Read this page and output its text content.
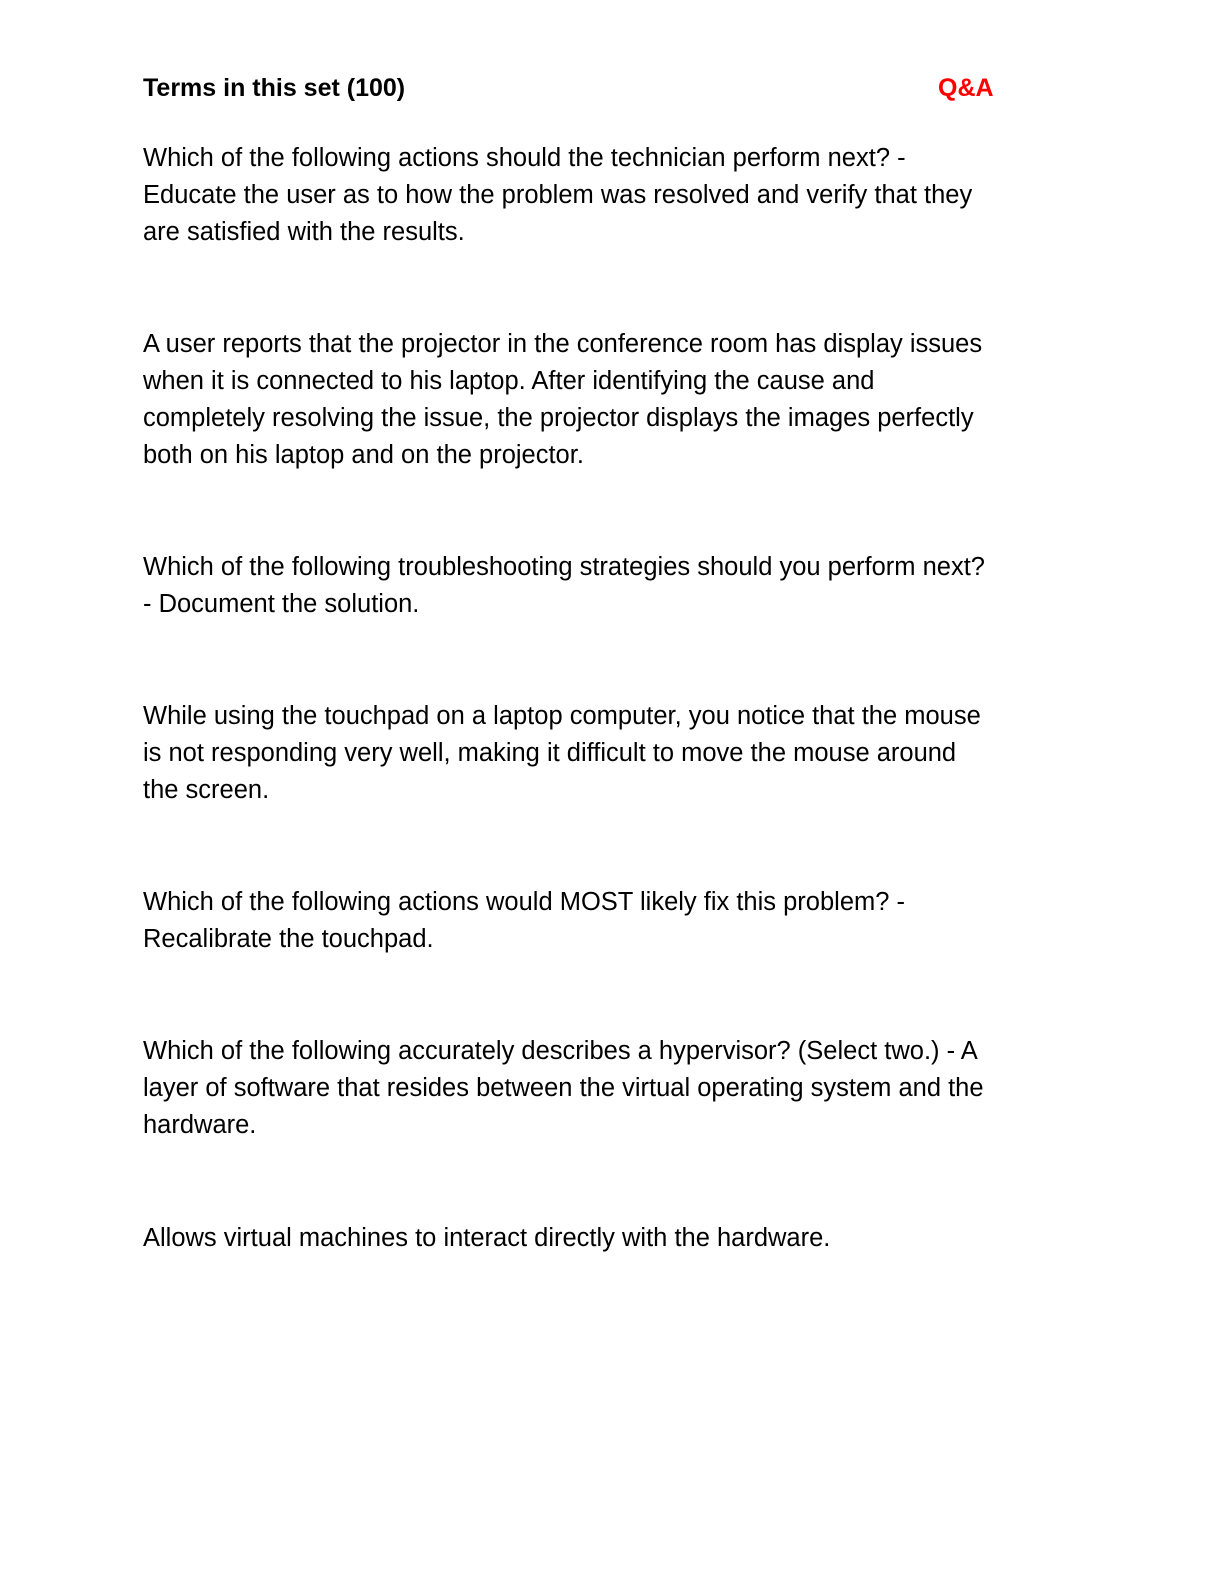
Terms in this set (100)	Q&A

Which of the following actions should the technician perform next? -
Educate the user as to how the problem was resolved and verify that they
are satisfied with the results.

A user reports that the projector in the conference room has display issues
when it is connected to his laptop. After identifying the cause and
completely resolving the issue, the projector displays the images perfectly
both on his laptop and on the projector.

Which of the following troubleshooting strategies should you perform next?
- Document the solution.

While using the touchpad on a laptop computer, you notice that the mouse
is not responding very well, making it difficult to move the mouse around
the screen.

Which of the following actions would MOST likely fix this problem? -
Recalibrate the touchpad.

Which of the following accurately describes a hypervisor? (Select two.) - A
layer of software that resides between the virtual operating system and the
hardware.

Allows virtual machines to interact directly with the hardware.
